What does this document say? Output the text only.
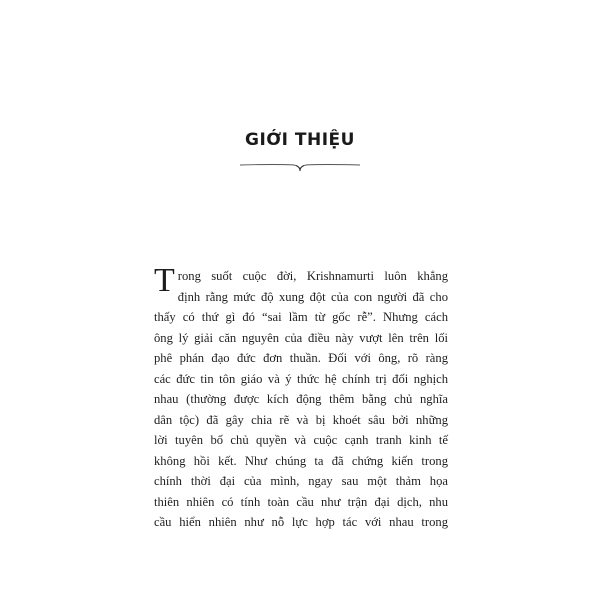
GIỚI THIỆU
T rong suốt cuộc đời, Krishnamurti luôn khẳng
định rằng mức độ xung đột của con người đã cho
thấy có thứ gì đó “sai lầm từ gốc rễ”. Nhưng cách
ông lý giải căn nguyên của điều này vượt lên trên lối
phê phán đạo đức đơn thuần. Đối với ông, rõ ràng
các đức tin tôn giáo và ý thức hệ chính trị đối nghịch
nhau (thường được kích động thêm bằng chủ nghĩa
dân tộc) đã gây chia rẽ và bị khoét sâu bởi những
lời tuyên bố chủ quyền và cuộc cạnh tranh kinh tế
không hồi kết. Như chúng ta đã chứng kiến trong
chính thời đại của mình, ngay sau một thảm họa
thiên nhiên có tính toàn cầu như trận đại dịch, nhu
cầu hiển nhiên như nỗ lực hợp tác với nhau trong
